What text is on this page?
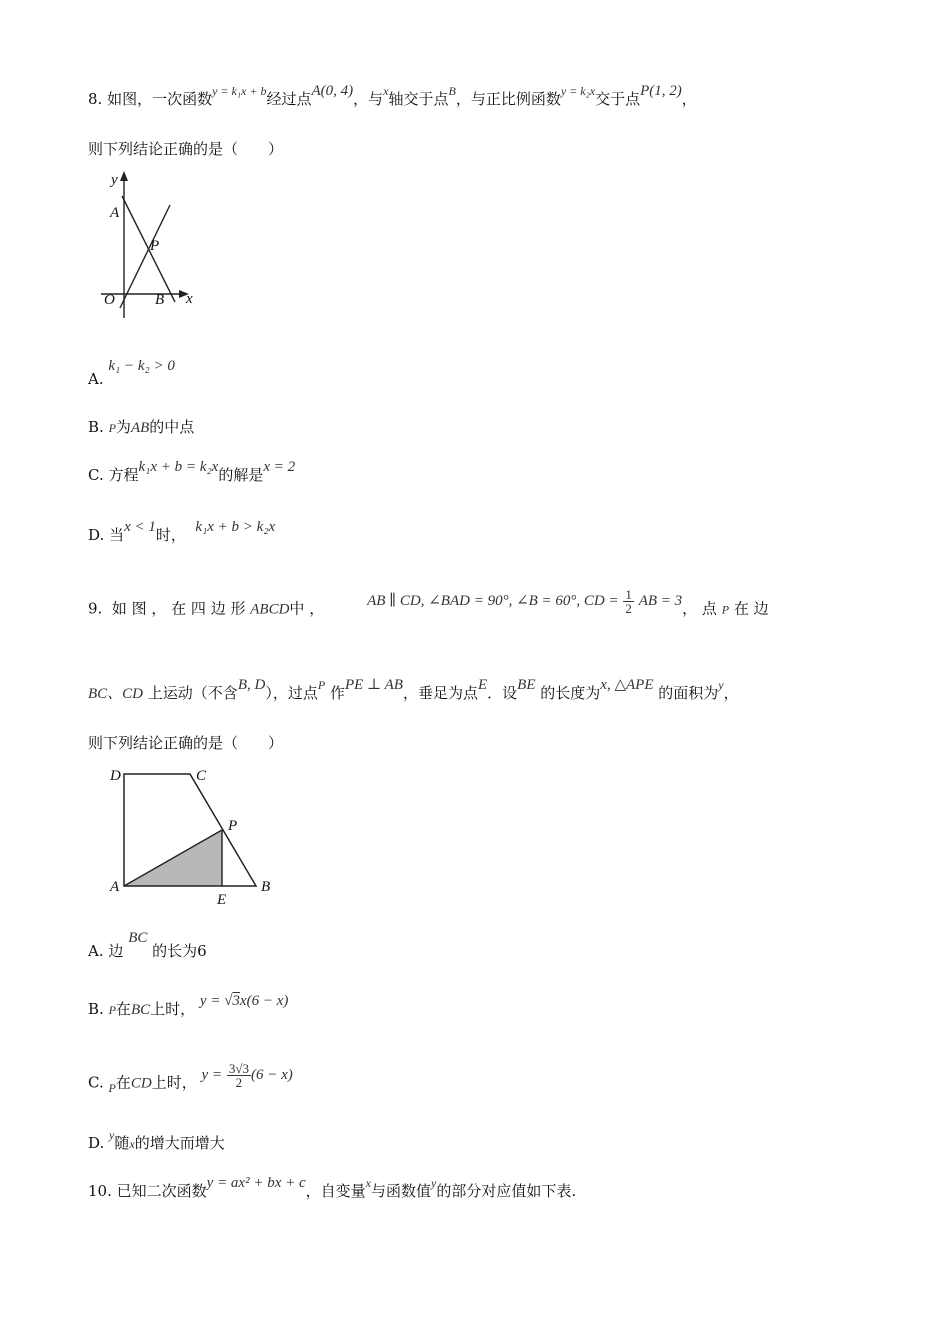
8. 如图，一次函数$^{y = k_1x + b}$经过点A(0, 4)，与$^x$轴交于点$^B$，与正比例函数$^{y = k_2x}$交于点P(1, 2)，
则下列结论正确的是（　　）
y
A
P
O	B x
A. k₁ − k₂ > 0
B. P为AB的中点
C. 方程k₁x + b = k₂x的解是x = 2
D. 当x < 1时， k₁x + b > k₂x
9. 如 图 ， 在 四 边 形 ABCD中 ，	AB ∥ CD, ∠BAD = 90°, ∠B = 60°, CD = $\frac{1}{2}$ AB = 3， 点 P 在 边
BC、CD 上运动（不含B, D），过点$^P$ 作PE ⊥ AB，垂足为点E．设BE 的长度为x, △APE 的面积为$^y$，
则下列结论正确的是（　　）
D	C
P
A
E
B
A. 边 BC 的长为6
B. P在BC上时， y = √3x(6 − x)
C. $_P$在CD上时， $y = \frac{3√3}{2} (6 - x)$
D. $^y$随x的增大而增大
10. 已知二次函数y = ax² + bx + c，自变量$^x$与函数值$^y$的部分对应值如下表.
